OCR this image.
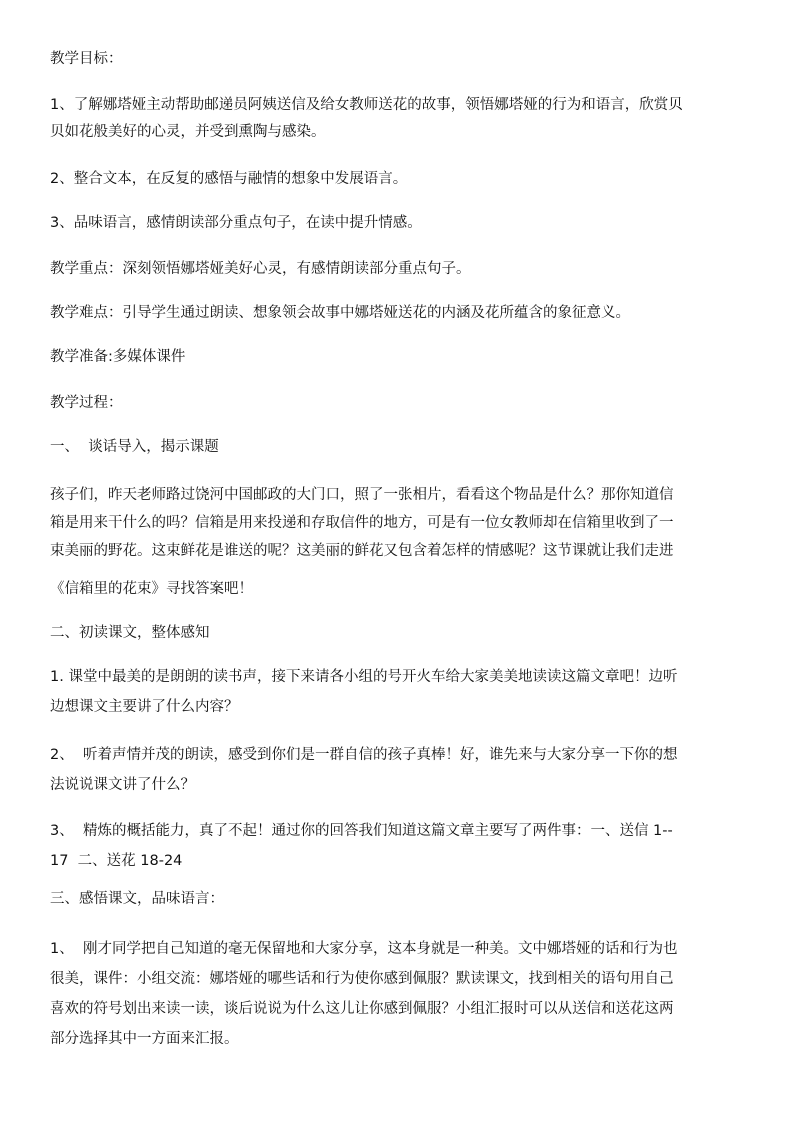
教学目标：

1、了解娜塔娅主动帮助邮递员阿姨送信及给女教师送花的故事，领悟娜塔娅的行为和语言，欣赏贝

贝如花般美好的心灵，并受到熏陶与感染。

2、整合文本，在反复的感悟与融情的想象中发展语言。

3、品味语言，感情朗读部分重点句子，在读中提升情感。

教学重点：深刻领悟娜塔娅美好心灵，有感情朗读部分重点句子。

教学难点：引导学生通过朗读、想象领会故事中娜塔娅送花的内涵及花所蕴含的象征意义。

教学准备:多媒体课件

教学过程：

一、  谈话导入，揭示课题

孩子们，昨天老师路过饶河中国邮政的大门口，照了一张相片，看看这个物品是什么？那你知道信

箱是用来干什么的吗？信箱是用来投递和存取信件的地方，可是有一位女教师却在信箱里收到了一

束美丽的野花。这束鲜花是谁送的呢？这美丽的鲜花又包含着怎样的情感呢？这节课就让我们走进

《信箱里的花束》寻找答案吧！

二、初读课文，整体感知

1. 课堂中最美的是朗朗的读书声，接下来请各小组的号开火车给大家美美地读读这篇文章吧！边听

边想课文主要讲了什么内容？

2、  听着声情并茂的朗读，感受到你们是一群自信的孩子真棒！好，谁先来与大家分享一下你的想

法说说课文讲了什么？

3、  精炼的概括能力，真了不起！通过你的回答我们知道这篇文章主要写了两件事：一、送信 1--

17  二、送花 18-24

三、感悟课文，品味语言：

1、  刚才同学把自己知道的毫无保留地和大家分享，这本身就是一种美。文中娜塔娅的话和行为也

很美，课件：小组交流：娜塔娅的哪些话和行为使你感到佩服？默读课文，找到相关的语句用自己

喜欢的符号划出来读一读，谈后说说为什么这儿让你感到佩服？小组汇报时可以从送信和送花这两

部分选择其中一方面来汇报。
